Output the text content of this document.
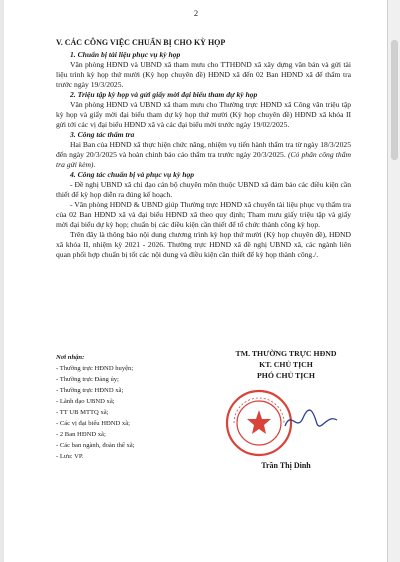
2

V. CÁC CÔNG VIỆC CHUẨN BỊ CHO KỲ HỌP

1. Chuẩn bị tài liệu phục vụ kỳ họp

Văn phòng HĐND và UBND xã tham mưu cho TTHĐND xã xây dựng văn bản và gửi tài liệu trình kỳ họp thứ mười (Kỳ họp chuyên đề) HĐND xã đến 02 Ban HĐND xã để thẩm tra trước ngày 19/3/2025.

2. Triệu tập kỳ họp và gửi giấy mời đại biểu tham dự kỳ họp

Văn phòng HĐND và UBND xã tham mưu cho Thường trực HĐND xã Công văn triệu tập kỳ họp và giấy mời đại biểu tham dự kỳ họp thứ mười (Kỳ họp chuyên đề) HĐND xã khóa II gửi tới các vị đại biểu HĐND xã và các đại biểu mời trước ngày 19/02/2025.

3. Công tác thẩm tra

Hai Ban của HĐND xã thực hiện chức năng, nhiệm vụ tiến hành thẩm tra từ ngày 18/3/2025 đến ngày 20/3/2025 và hoàn chỉnh báo cáo thẩm tra trước ngày 20/3/2025. (Có phân công thẩm tra gửi kèm).

4. Công tác chuẩn bị và phục vụ kỳ họp

- Đề nghị UBND xã chỉ đạo cán bộ chuyên môn thuộc UBND xã đảm bảo các điều kiện cần thiết để kỳ họp diễn ra đúng kế hoạch.

- Văn phòng HĐND & UBND giúp Thường trực HĐND xã chuyển tài liệu phục vụ thẩm tra của 02 Ban HĐND xã và đại biểu HĐND xã theo quy định; Tham mưu giấy triệu tập và giấy mời đại biểu dự kỳ họp; chuẩn bị các điều kiện cần thiết để tổ chức thành công kỳ họp.

Trên đây là thông báo nội dung chương trình kỳ họp thứ mười (Kỳ họp chuyên đề), HĐND xã khóa II, nhiệm kỳ 2021 - 2026. Thường trực HĐND xã đề nghị UBND xã, các ngành liên quan phối hợp chuẩn bị tốt các nội dung và điều kiện cần thiết để kỳ họp thành công./.

Nơi nhận:
- Thường trực HĐND huyện;
- Thường trực Đảng ủy;
- Thường trực HĐND xã;
- Lãnh đạo UBND xã;
- TT UB MTTQ xã;
- Các vị đại biểu HĐND xã;
- 2 Ban HĐND xã;
- Các ban ngành, đoàn thể xã;
- Lưu: VP.
TM. THƯỜNG TRỰC HĐND
KT. CHỦ TỊCH
PHÓ CHỦ TỊCH
Trần Thị Dinh
